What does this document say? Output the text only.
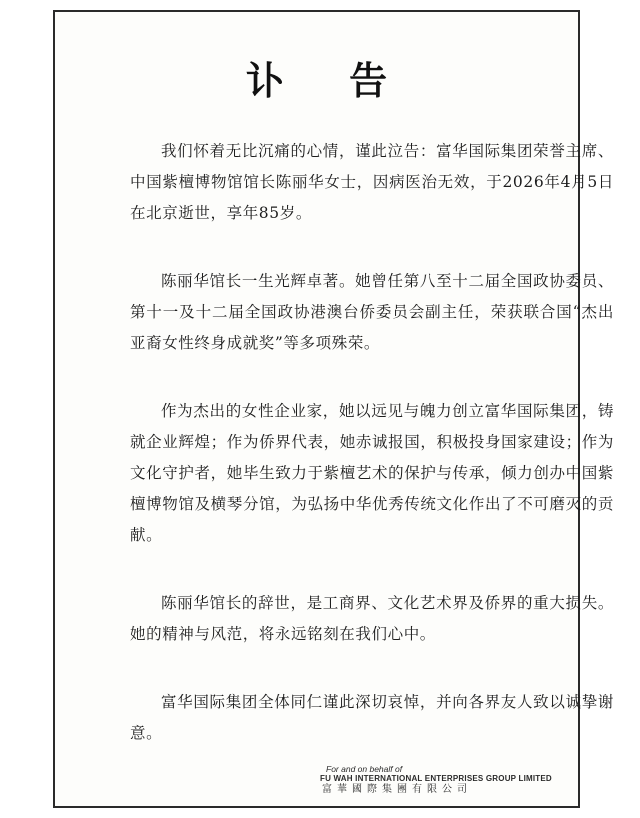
讣 告

我们怀着无比沉痛的心情，谨此泣告：富华国际集团荣誉主席、中国紫檀博物馆馆长陈丽华女士，因病医治无效，于2026年4月5日在北京逝世，享年85岁。

陈丽华馆长一生光辉卓著。她曾任第八至十二届全国政协委员、第十一及十二届全国政协港澳台侨委员会副主任，荣获联合国“杰出亚裔女性终身成就奖”等多项殊荣。

作为杰出的女性企业家，她以远见与魄力创立富华国际集团，铸就企业辉煌；作为侨界代表，她赤诚报国，积极投身国家建设；作为文化守护者，她毕生致力于紫檀艺术的保护与传承，倾力创办中国紫檀博物馆及横琴分馆，为弘扬中华优秀传统文化作出了不可磨灭的贡献。

陈丽华馆长的辞世，是工商界、文化艺术界及侨界的重大损失。她的精神与风范，将永远铭刻在我们心中。

富华国际集团全体同仁谨此深切哀悼，并向各界友人致以诚挚谢意。

For and on behalf of
FU WAH INTERNATIONAL ENTERPRISES GROUP LIMITED
富華國際集團有限公司
